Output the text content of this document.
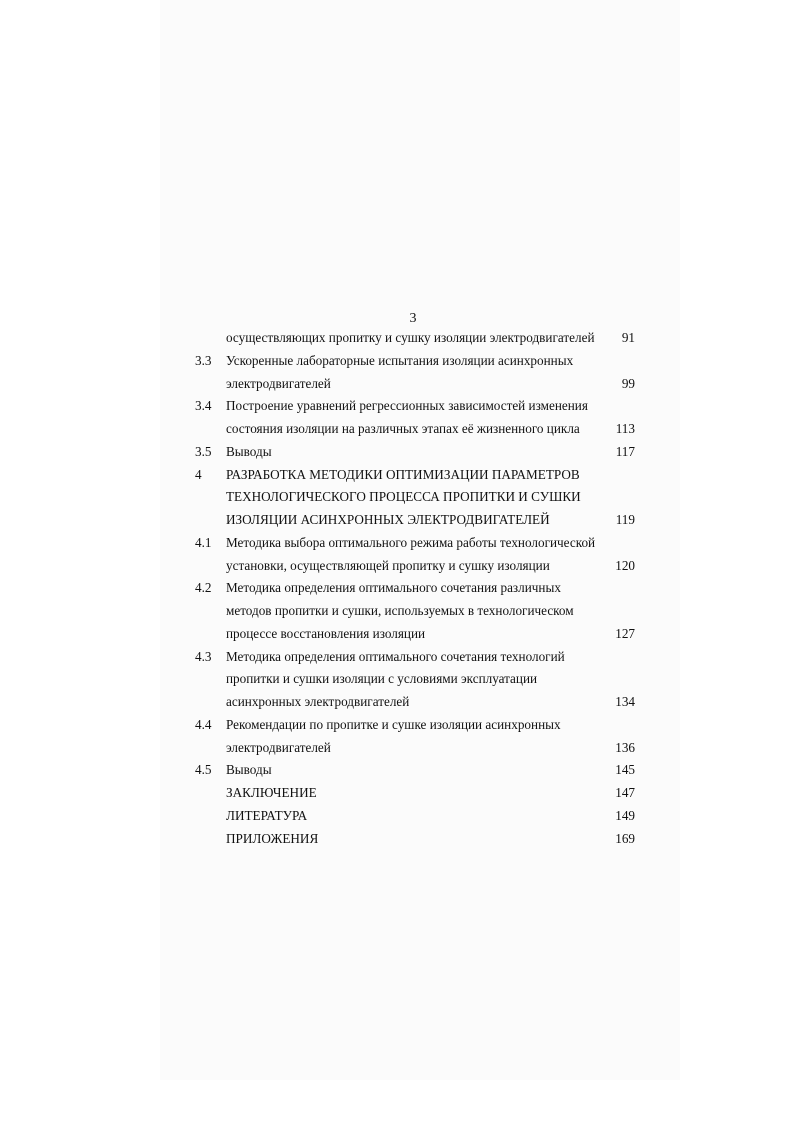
3
осуществляющих пропитку и сушку изоляции электродвигателей 91
3.3 Ускоренные лабораторные испытания изоляции асинхронных
электродвигателей	99
3.4 Построение уравнений регрессионных зависимостей изменения
состояния изоляции на различных этапах её жизненного цикла	113
3.5 Выводы	117
4 РАЗРАБОТКА МЕТОДИКИ ОПТИМИЗАЦИИ ПАРАМЕТРОВ
ТЕХНОЛОГИЧЕСКОГО ПРОЦЕССА ПРОПИТКИ И СУШКИ
ИЗОЛЯЦИИ АСИНХРОННЫХ ЭЛЕКТРОДВИГАТЕЛЕЙ	119
4.1 Методика выбора оптимального режима работы технологической
установки, осуществляющей пропитку и сушку изоляции	120
4.2 Методика определения оптимального сочетания различных
методов пропитки и сушки, используемых в технологическом
процессе восстановления изоляции	127
4.3 Методика определения оптимального сочетания технологий
пропитки и сушки изоляции с условиями эксплуатации
асинхронных электродвигателей	134
4.4 Рекомендации по пропитке и сушке изоляции асинхронных
электродвигателей	136
4.5 Выводы	145
ЗАКЛЮЧЕНИЕ	147
ЛИТЕРАТУРА	149
ПРИЛОЖЕНИЯ	169
